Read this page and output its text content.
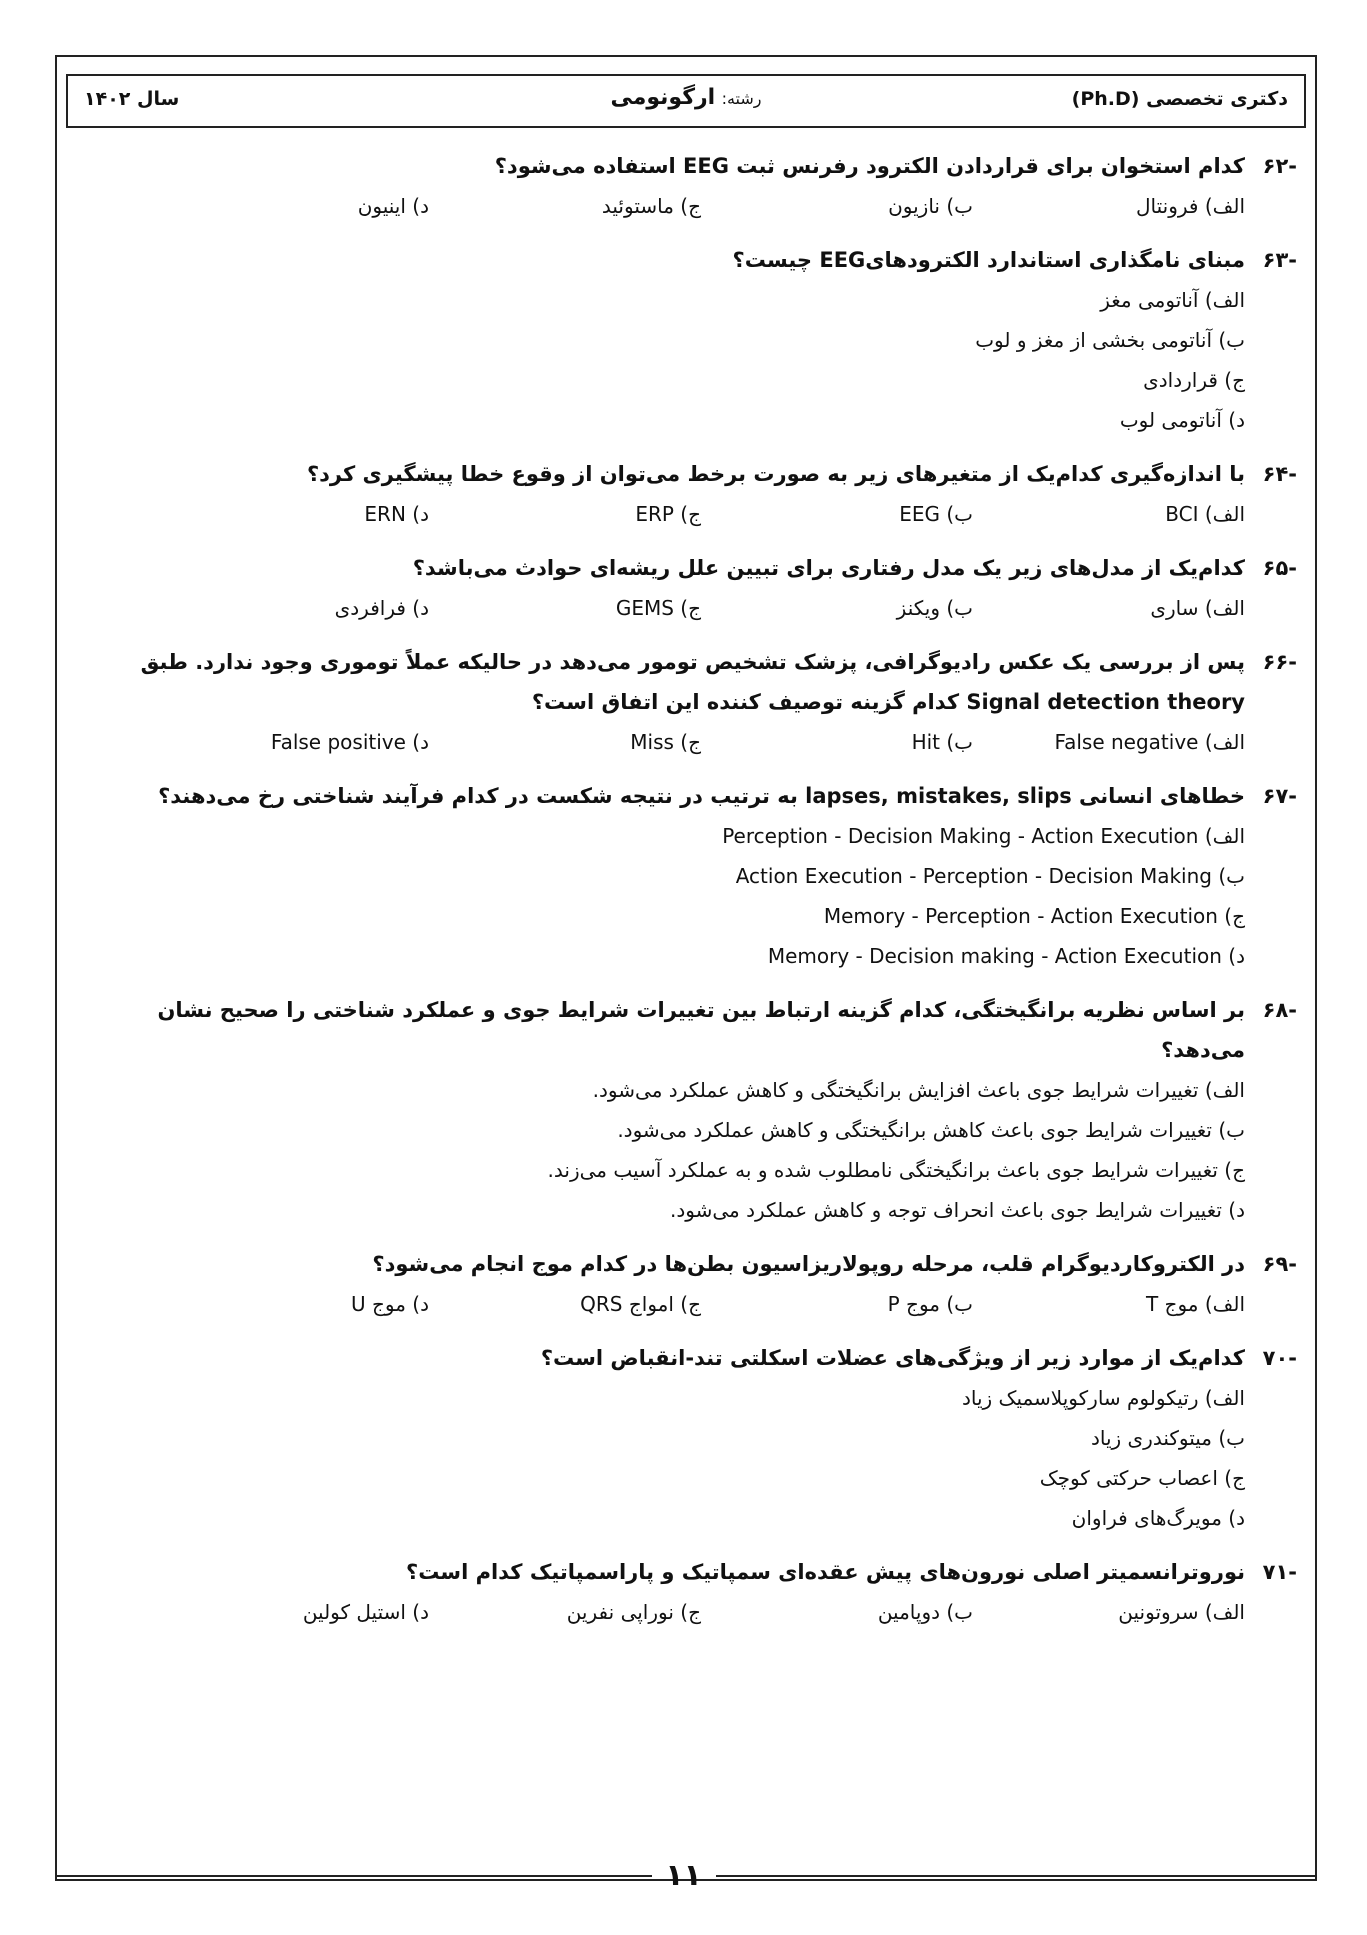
دکتری تخصصی (Ph.D)
رشته: ارگونومی
سال ۱۴۰۲
-۶۲
کدام استخوان برای قراردادن الکترود رفرنس ثبت EEG استفاده می‌شود؟
الف) فرونتال
ب) نازیون
ج) ماستوئید
د) اینیون
-۶۳
مبنای نامگذاری استاندارد الکترودهایEEG چیست؟
الف) آناتومی مغز
ب) آناتومی بخشی از مغز و لوب
ج) قراردادی
د) آناتومی لوب
-۶۴
با اندازه‌گیری کدام‌یک از متغیرهای زیر به صورت برخط می‌توان از وقوع خطا پیشگیری کرد؟
الف) BCI
ب) EEG
ج) ERP
د) ERN
-۶۵
کدام‌یک از مدل‌های زیر یک مدل رفتاری برای تبیین علل ریشه‌ای حوادث می‌باشد؟
الف) ساری
ب) ویکنز
ج) GEMS
د) فرافردی
-۶۶
پس از بررسی یک عکس رادیوگرافی، پزشک تشخیص تومور می‌دهد در حالیکه عملاً توموری وجود ندارد. طبق Signal detection theory کدام گزینه توصیف کننده این اتفاق است؟
الف) False negative
ب) Hit
ج) Miss
د) False positive
-۶۷
خطاهای انسانی lapses, mistakes, slips به ترتیب در نتیجه شکست در کدام فرآیند شناختی رخ می‌دهند؟
الف) Perception - Decision Making - Action Execution
ب) Action Execution - Perception - Decision Making
ج) Memory - Perception - Action Execution
د) Memory - Decision making - Action Execution
-۶۸
بر اساس نظریه برانگیختگی، کدام گزینه ارتباط بین تغییرات شرایط جوی و عملکرد شناختی را صحیح نشان می‌دهد؟
الف) تغییرات شرایط جوی باعث افزایش برانگیختگی و کاهش عملکرد می‌شود.
ب) تغییرات شرایط جوی باعث کاهش برانگیختگی و کاهش عملکرد می‌شود.
ج) تغییرات شرایط جوی باعث برانگیختگی نامطلوب شده و به عملکرد آسیب می‌زند.
د) تغییرات شرایط جوی باعث انحراف توجه و کاهش عملکرد می‌شود.
-۶۹
در الکتروکاردیوگرام قلب، مرحله روپولاریزاسیون بطن‌ها در کدام موج انجام می‌شود؟
الف) موج T
ب) موج P
ج) امواج QRS
د) موج U
-۷۰
کدام‌یک از موارد زیر از ویژگی‌های عضلات اسکلتی تند-انقباض است؟
الف) رتیکولوم سارکوپلاسمیک زیاد
ب) میتوکندری زیاد
ج) اعصاب حرکتی کوچک
د) مویرگ‌های فراوان
-۷۱
نوروترانسمیتر اصلی نورون‌های پیش عقده‌ای سمپاتیک و پاراسمپاتیک کدام است؟
الف) سروتونین
ب) دوپامین
ج) نوراپی نفرین
د) استیل کولین
۱۱
